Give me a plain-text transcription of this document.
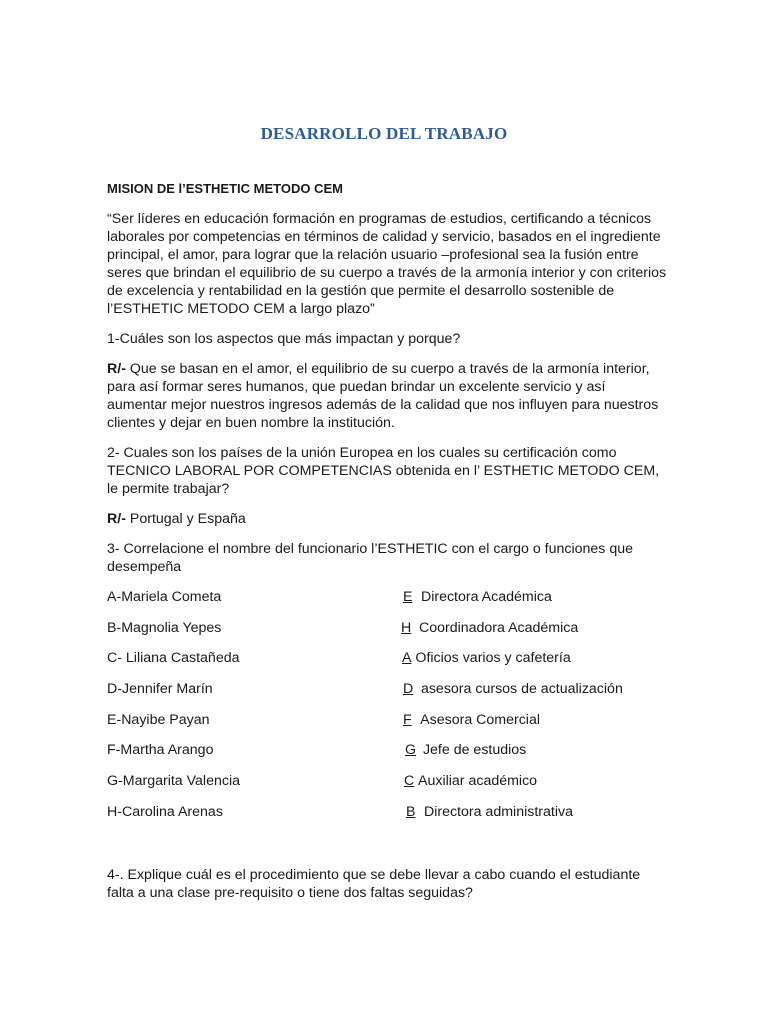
DESARROLLO DEL TRABAJO
MISION DE l’ESTHETIC METODO CEM
“Ser líderes en educación formación en programas de estudios, certificando a técnicos laborales por competencias en términos de calidad y servicio, basados en el ingrediente principal, el amor, para lograr que la relación usuario –profesional sea la fusión entre seres que brindan el equilibrio de su cuerpo a través de la armonía interior y con criterios de excelencia y rentabilidad en la gestión que permite el desarrollo sostenible de l’ESTHETIC METODO CEM a largo plazo”
1-Cuáles son los aspectos que más impactan y porque?
R/- Que se basan en el amor, el equilibrio de su cuerpo a través de la armonía interior, para así formar seres humanos, que puedan brindar un excelente servicio y así aumentar mejor nuestros ingresos además de la calidad que nos influyen para nuestros clientes y dejar en buen nombre la institución.
2- Cuales son los países de la unión Europea en los cuales su certificación como TECNICO LABORAL POR COMPETENCIAS obtenida en l’ ESTHETIC METODO CEM, le permite trabajar?
R/- Portugal y España
3- Correlacione el nombre del funcionario l’ESTHETIC con el cargo o funciones que desempeña
A-Mariela Cometa	E Directora Académica
B-Magnolia Yepes	H Coordinadora Académica
C- Liliana Castañeda	A Oficios varios y cafetería
D-Jennifer Marín	D asesora cursos de actualización
E-Nayibe Payan	F Asesora Comercial
F-Martha Arango	G Jefe de estudios
G-Margarita Valencia	CAuxiliar académico
H-Carolina Arenas	B Directora administrativa
4-. Explique cuál es el procedimiento que se debe llevar a cabo cuando el estudiante falta a una clase pre-requisito o tiene dos faltas seguidas?
